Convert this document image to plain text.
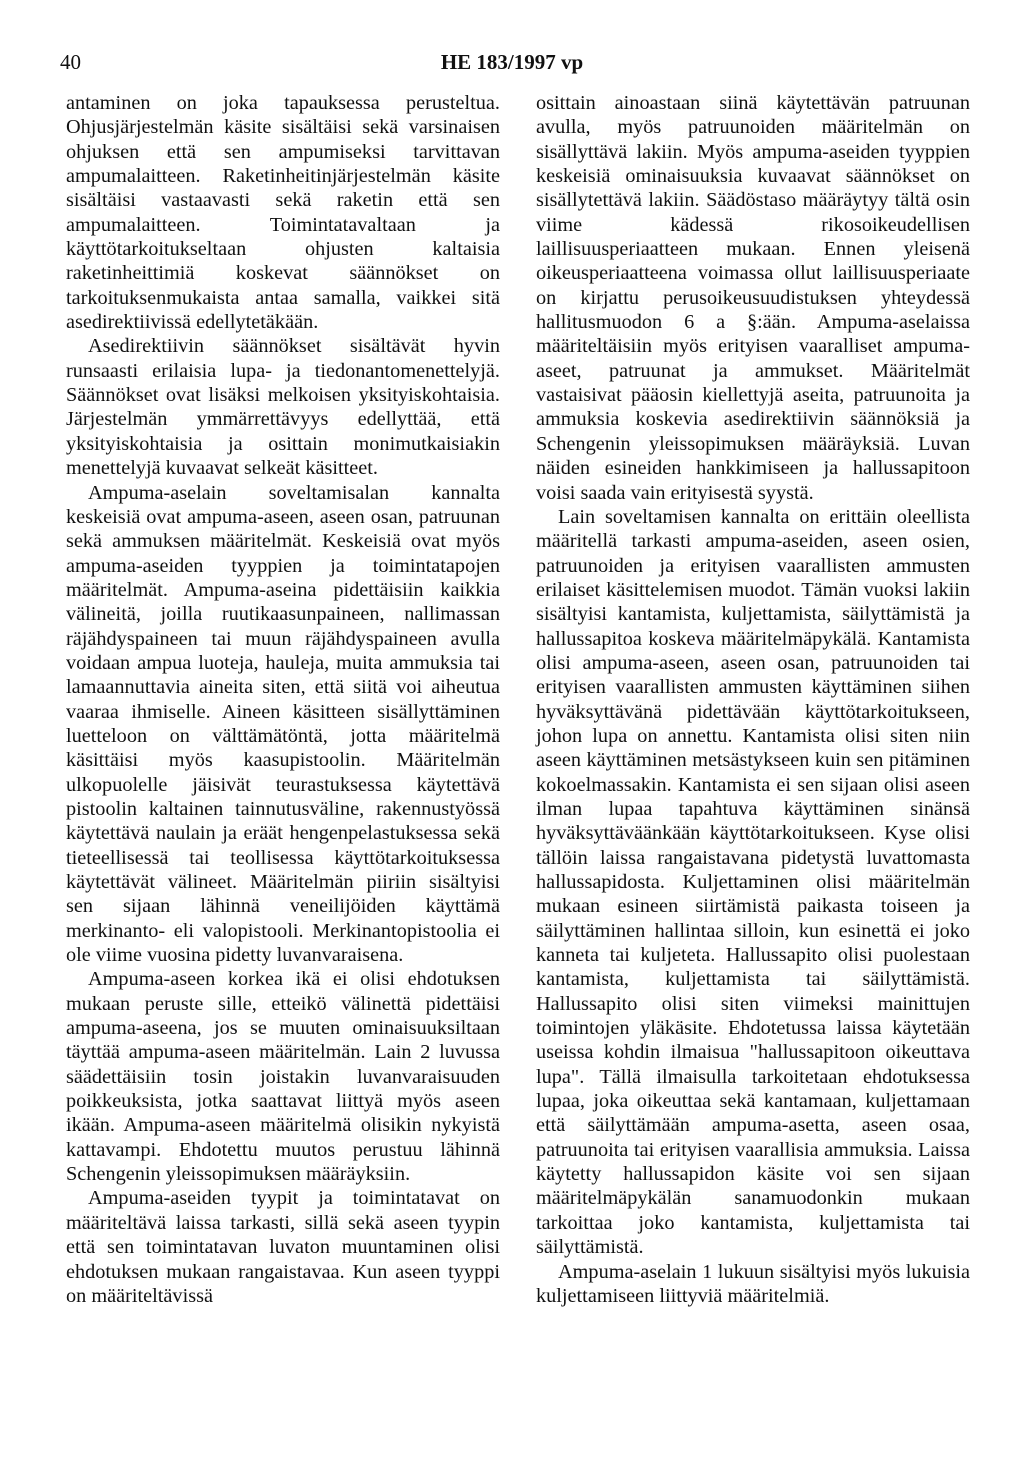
40	HE 183/1997 vp

antaminen on joka tapauksessa perusteltua. Ohjusjärjestelmän käsite sisältäisi sekä varsinaisen ohjuksen että sen ampumiseksi tarvittavan ampumalaitteen. Raketinheitinjärjestelmän käsite sisältäisi vastaavasti sekä raketin että sen ampumalaitteen. Toimintatavaltaan ja käyttötarkoitukseltaan ohjusten kaltaisia raketinheittimiä koskevat säännökset on tarkoituksenmukaista antaa samalla, vaikkei sitä asedirektiivissä edellytetäkään.

Asedirektiivin säännökset sisältävät hyvin runsaasti erilaisia lupa- ja tiedonantomenettelyjä. Säännökset ovat lisäksi melkoisen yksityiskohtaisia. Järjestelmän ymmärrettävyys edellyttää, että yksityiskohtaisia ja osittain monimutkaisiakin menettelyjä kuvaavat selkeät käsitteet.

Ampuma-aselain soveltamisalan kannalta keskeisiä ovat ampuma-aseen, aseen osan, patruunan sekä ammuksen määritelmät. Keskeisiä ovat myös ampuma-aseiden tyyppien ja toimintatapojen määritelmät. Ampuma-aseina pidettäisiin kaikkia välineitä, joilla ruutikaasunpaineen, nallimassan räjähdyspaineen tai muun räjähdyspaineen avulla voidaan ampua luoteja, hauleja, muita ammuksia tai lamaannuttavia aineita siten, että siitä voi aiheutua vaaraa ihmiselle. Aineen käsitteen sisällyttäminen luetteloon on välttämätöntä, jotta määritelmä käsittäisi myös kaasupistoolin. Määritelmän ulkopuolelle jäisivät teurastuksessa käytettävä pistoolin kaltainen tainnutusväline, rakennustyössä käytettävä naulain ja eräät hengenpelastuksessa sekä tieteellisessä tai teollisessa käyttötarkoituksessa käytettävät välineet. Määritelmän piiriin sisältyisi sen sijaan lähinnä veneilijöiden käyttämä merkinanto- eli valopistooli. Merkinantopistoolia ei ole viime vuosina pidetty luvanvaraisena.

Ampuma-aseen korkea ikä ei olisi ehdotuksen mukaan peruste sille, etteikö välinettä pidettäisi ampuma-aseena, jos se muuten ominaisuuksiltaan täyttää ampuma-aseen määritelmän. Lain 2 luvussa säädettäisiin tosin joistakin luvanvaraisuuden poikkeuksista, jotka saattavat liittyä myös aseen ikään. Ampuma-aseen määritelmä olisikin nykyistä kattavampi. Ehdotettu muutos perustuu lähinnä Schengenin yleissopimuksen määräyksiin.

Ampuma-aseiden tyypit ja toimintatavat on määriteltävä laissa tarkasti, sillä sekä aseen tyypin että sen toimintatavan luvaton muuntaminen olisi ehdotuksen mukaan rangaistavaa. Kun aseen tyyppi on määriteltävissä

osittain ainoastaan siinä käytettävän patruunan avulla, myös patruunoiden määritelmän on sisällyttävä lakiin. Myös ampuma-aseiden tyyppien keskeisiä ominaisuuksia kuvaavat säännökset on sisällytettävä lakiin. Säädöstaso määräytyy tältä osin viime kädessä rikosoikeudellisen laillisuusperiaatteen mukaan. Ennen yleisenä oikeusperiaatteena voimassa ollut laillisuusperiaate on kirjattu perusoikeusuudistuksen yhteydessä hallitusmuodon 6 a §:ään. Ampuma-aselaissa määriteltäisiin myös erityisen vaaralliset ampuma-aseet, patruunat ja ammukset. Määritelmät vastaisivat pääosin kiellettyjä aseita, patruunoita ja ammuksia koskevia asedirektiivin säännöksiä ja Schengenin yleissopimuksen määräyksiä. Luvan näiden esineiden hankkimiseen ja hallussapitoon voisi saada vain erityisestä syystä.

Lain soveltamisen kannalta on erittäin oleellista määritellä tarkasti ampuma-aseiden, aseen osien, patruunoiden ja erityisen vaarallisten ammusten erilaiset käsittelemisen muodot. Tämän vuoksi lakiin sisältyisi kantamista, kuljettamista, säilyttämistä ja hallussapitoa koskeva määritelmäpykälä. Kantamista olisi ampuma-aseen, aseen osan, patruunoiden tai erityisen vaarallisten ammusten käyttäminen siihen hyväksyttävänä pidettävään käyttötarkoitukseen, johon lupa on annettu. Kantamista olisi siten niin aseen käyttäminen metsästykseen kuin sen pitäminen kokoelmassakin. Kantamista ei sen sijaan olisi aseen ilman lupaa tapahtuva käyttäminen sinänsä hyväksyttäväänkään käyttötarkoitukseen. Kyse olisi tällöin laissa rangaistavana pidetystä luvattomasta hallussapidosta. Kuljettaminen olisi määritelmän mukaan esineen siirtämistä paikasta toiseen ja säilyttäminen hallintaa silloin, kun esinettä ei joko kanneta tai kuljeteta. Hallussapito olisi puolestaan kantamista, kuljettamista tai säilyttämistä. Hallussapito olisi siten viimeksi mainittujen toimintojen yläkäsite. Ehdotetussa laissa käytetään useissa kohdin ilmaisua "hallussapitoon oikeuttava lupa". Tällä ilmaisulla tarkoitetaan ehdotuksessa lupaa, joka oikeuttaa sekä kantamaan, kuljettamaan että säilyttämään ampuma-asetta, aseen osaa, patruunoita tai erityisen vaarallisia ammuksia. Laissa käytetty hallussapidon käsite voi sen sijaan määritelmäpykälän sanamuodonkin mukaan tarkoittaa joko kantamista, kuljettamista tai säilyttämistä.

Ampuma-aselain 1 lukuun sisältyisi myös lukuisia kuljettamiseen liittyviä määritelmiä.
